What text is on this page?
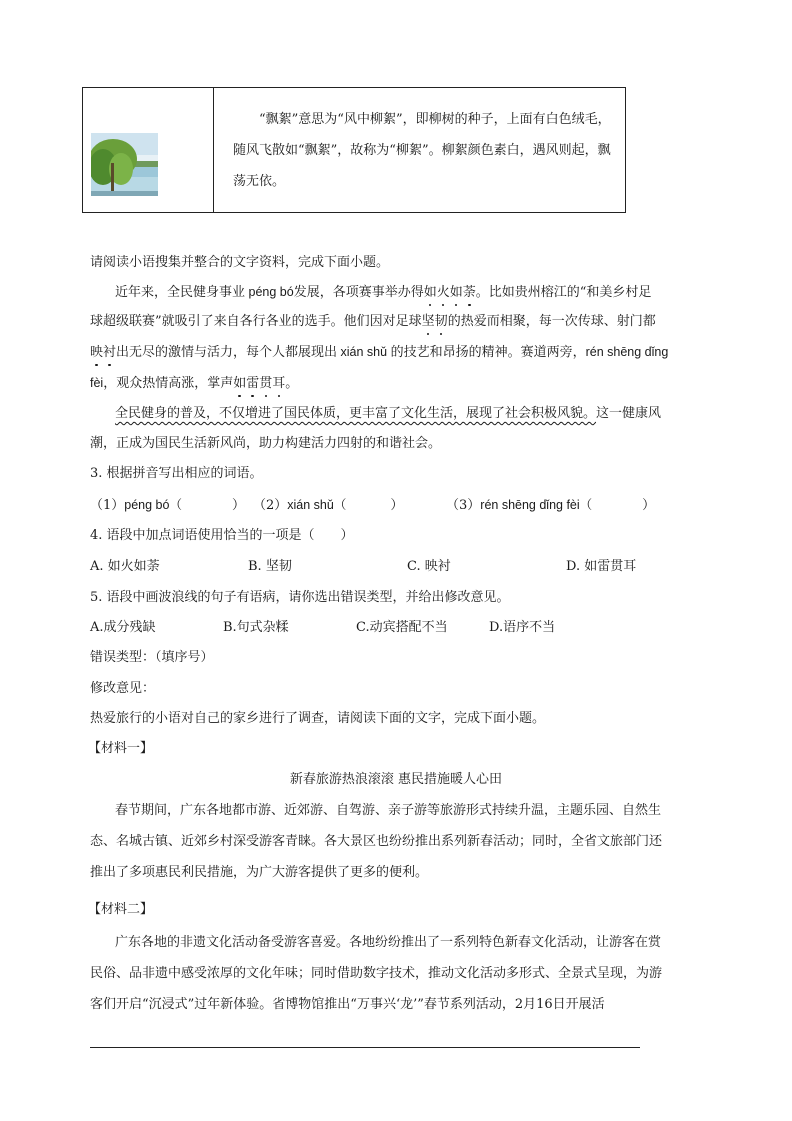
“飘絮”意思为“风中柳絮”，即柳树的种子，上面有白色绒毛，随风飞散如“飘絮”，故称为“柳絮”。柳絮颜色素白，遇风则起，飘荡无依。
请阅读小语搜集并整合的文字资料，完成下面小题。
近年来，全民健身事业 péng bó发展，各项赛事举办得如火如荼。比如贵州榕江的“和美乡村足
球超级联赛”就吸引了来自各行各业的选手。他们因对足球坚韧的热爱而相聚，每一次传球、射门都
映衬出无尽的激情与活力，每个人都展现出 xián shǔ 的技艺和昂扬的精神。赛道两旁，rén shēng dǐng
fèi，观众热情高涨，掌声如雷贯耳。
全民健身的普及，不仅增进了国民体质，更丰富了文化生活，展现了社会积极风貌。这一健康风
潮，正成为国民生活新风尚，助力构建活力四射的和谐社会。
3. 根据拼音写出相应的词语。
（1）péng bó（	） （2）xián shǔ（	）	（3）rén shēng dǐng fèi（	）
4. 语段中加点词语使用恰当的一项是（　　）
A. 如火如荼	B. 坚韧	C. 映衬	D. 如雷贯耳
5. 语段中画波浪线的句子有语病，请你选出错误类型，并给出修改意见。
A.成分残缺	B.句式杂糅	C.动宾搭配不当	D.语序不当
错误类型：（填序号）
修改意见：
热爱旅行的小语对自己的家乡进行了调查，请阅读下面的文字，完成下面小题。
【材料一】
新春旅游热浪滚滚 惠民措施暖人心田
春节期间，广东各地都市游、近郊游、自驾游、亲子游等旅游形式持续升温，主题乐园、自然生
态、名城古镇、近郊乡村深受游客青睐。各大景区也纷纷推出系列新春活动；同时，全省文旅部门还
推出了多项惠民利民措施，为广大游客提供了更多的便利。
【材料二】
广东各地的非遗文化活动备受游客喜爱。各地纷纷推出了一系列特色新春文化活动，让游客在赏
民俗、品非遗中感受浓厚的文化年味；同时借助数字技术，推动文化活动多形式、全景式呈现，为游
客们开启“沉浸式”过年新体验。省博物馆推出“万事兴‘龙’”春节系列活动，2月16日开展活
